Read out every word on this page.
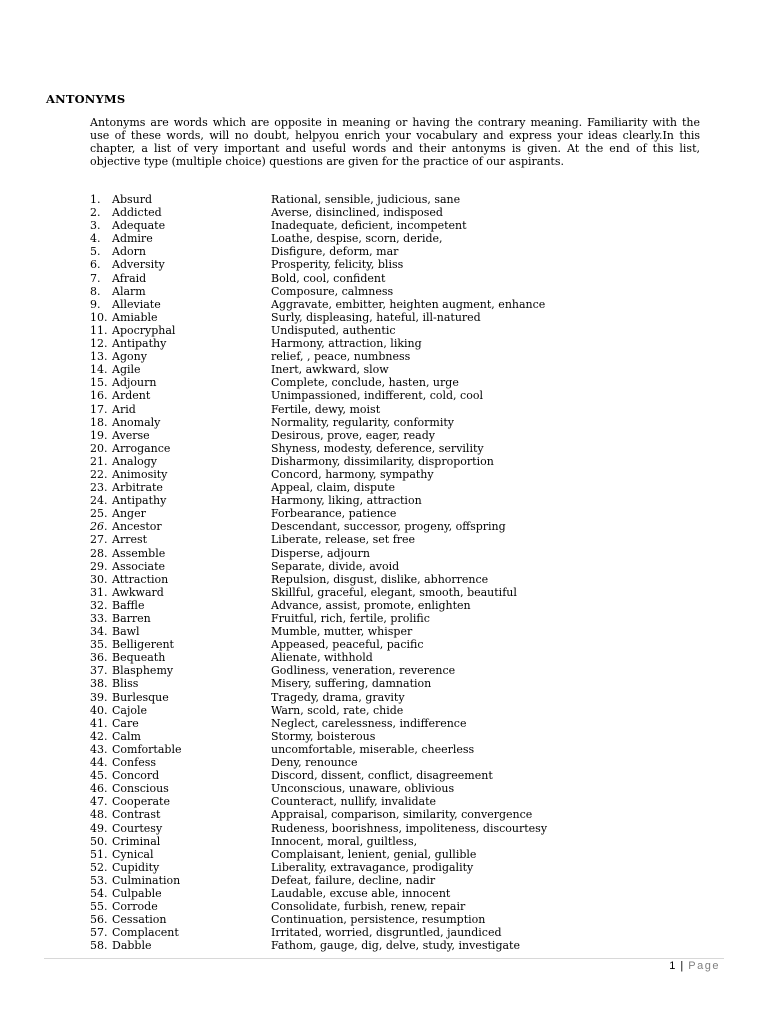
ANTONYMS

Antonyms are words which are opposite in meaning or having the contrary meaning. Familiarity with the use of these words, will no doubt, helpyou enrich your vocabulary and express your ideas clearly.In this chapter, a list of very important and useful words and their antonyms is given. At the end of this list, objective type (multiple choice) questions are given for the practice of our aspirants.

1.	Absurd	Rational, sensible, judicious, sane
2.	Addicted	Averse, disinclined, indisposed
3.	Adequate	Inadequate, deficient, incompetent
4.	Admire	Loathe, despise, scorn, deride,
5.	Adorn	Disfigure, deform, mar
6.	Adversity	Prosperity, felicity, bliss
7.	Afraid	Bold, cool, confident
8.	Alarm	Composure, calmness
9.	Alleviate	Aggravate, embitter, heighten augment, enhance
10. Amiable	Surly, displeasing, hateful, ill-natured
11. Apocryphal	Undisputed, authentic
12. Antipathy	Harmony, attraction, liking
13. Agony	relief, , peace, numbness
14. Agile	Inert, awkward, slow
15. Adjourn	Complete, conclude, hasten, urge
16. Ardent	Unimpassioned, indifferent, cold, cool
17. Arid	Fertile, dewy, moist
18. Anomaly	Normality, regularity, conformity
19. Averse	Desirous, prove, eager, ready
20. Arrogance	Shyness, modesty, deference, servility
21. Analogy	Disharmony, dissimilarity, disproportion
22. Animosity	Concord, harmony, sympathy
23. Arbitrate	Appeal, claim, dispute
24. Antipathy	Harmony, liking, attraction
25. Anger	Forbearance, patience
26. Ancestor	Descendant, successor, progeny, offspring
27. Arrest	Liberate, release, set free
28. Assemble	Disperse, adjourn
29. Associate	Separate, divide, avoid
30. Attraction	Repulsion, disgust, dislike, abhorrence
31. Awkward	Skillful, graceful, elegant, smooth, beautiful
32. Baffle	Advance, assist, promote, enlighten
33. Barren	Fruitful, rich, fertile, prolific
34. Bawl	Mumble, mutter, whisper
35. Belligerent	Appeased, peaceful, pacific
36. Bequeath	Alienate, withhold
37. Blasphemy	Godliness, veneration, reverence
38. Bliss	Misery, suffering, damnation
39. Burlesque	Tragedy, drama, gravity
40. Cajole	Warn, scold, rate, chide
41. Care	Neglect, carelessness, indifference
42. Calm	Stormy, boisterous
43. Comfortable	uncomfortable, miserable, cheerless
44. Confess	Deny, renounce
45. Concord	Discord, dissent, conflict, disagreement
46. Conscious	Unconscious, unaware, oblivious
47. Cooperate	Counteract, nullify, invalidate
48. Contrast	Appraisal, comparison, similarity, convergence
49. Courtesy	Rudeness, boorishness, impoliteness, discourtesy
50. Criminal	Innocent, moral, guiltless,
51. Cynical	Complaisant, lenient, genial, gullible
52. Cupidity	Liberality, extravagance, prodigality
53. Culmination	Defeat, failure, decline, nadir
54. Culpable	Laudable, excuse able, innocent
55. Corrode	Consolidate, furbish, renew, repair
56. Cessation	Continuation, persistence, resumption
57. Complacent	Irritated, worried, disgruntled, jaundiced
58. Dabble	Fathom, gauge, dig, delve, study, investigate
1 | Page
